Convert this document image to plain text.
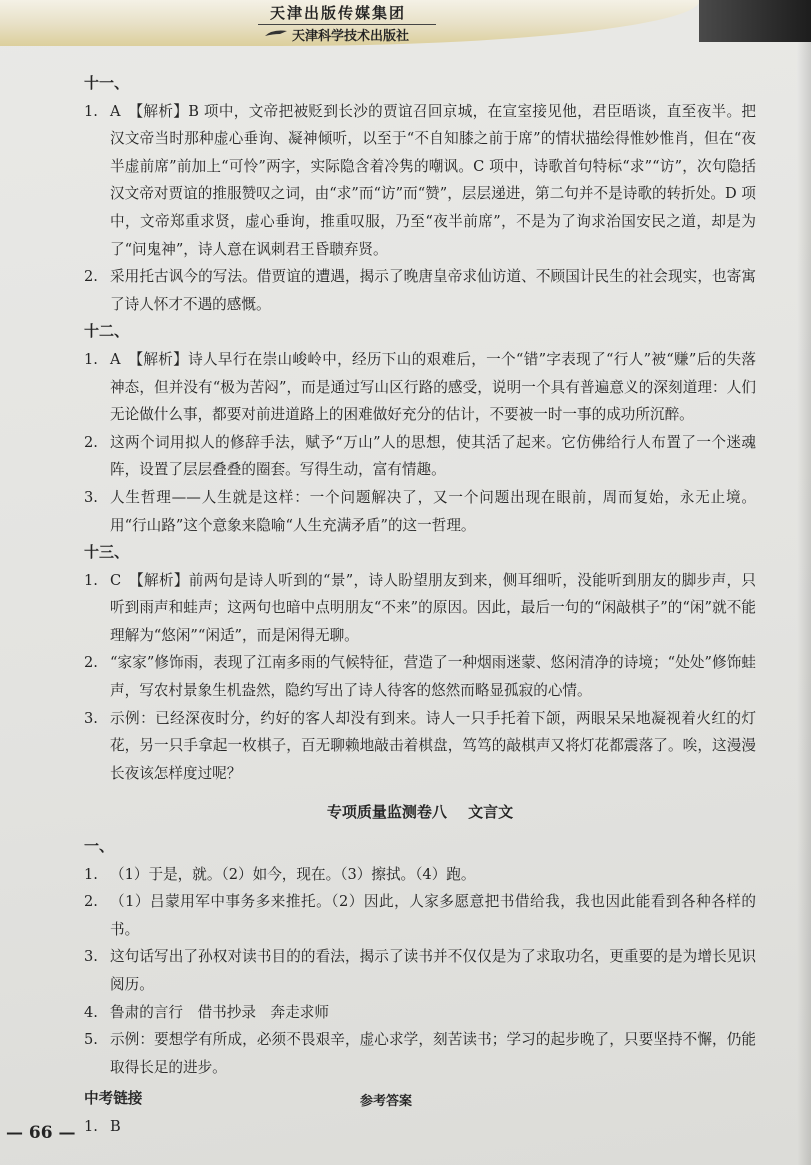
天津出版传媒集团
天津科学技术出版社
十一、
1. A　【解析】B 项中，文帝把被贬到长沙的贾谊召回京城，在宣室接见他，君臣晤谈，直至夜半。把汉文帝当时那种虚心垂询、凝神倾听，以至于“不自知膝之前于席”的情状描绘得惟妙惟肖，但在“夜半虚前席”前加上“可怜”两字，实际隐含着冷隽的嘲讽。C 项中，诗歌首句特标“求”“访”，次句隐括汉文帝对贾谊的推服赞叹之词，由“求”而“访”而“赞”，层层递进，第二句并不是诗歌的转折处。D 项中，文帝郑重求贤，虚心垂询，推重叹服，乃至“夜半前席”，不是为了询求治国安民之道，却是为了“问鬼神”，诗人意在讽刺君王昏聩弃贤。
2. 采用托古讽今的写法。借贾谊的遭遇，揭示了晚唐皇帝求仙访道、不顾国计民生的社会现实，也寄寓了诗人怀才不遇的感慨。
十二、
1. A　【解析】诗人早行在崇山峻岭中，经历下山的艰难后，一个“错”字表现了“行人”被“赚”后的失落神态，但并没有“极为苦闷”，而是通过写山区行路的感受，说明一个具有普遍意义的深刻道理：人们无论做什么事，都要对前进道路上的困难做好充分的估计，不要被一时一事的成功所沉醉。
2. 这两个词用拟人的修辞手法，赋予“万山”人的思想，使其活了起来。它仿佛给行人布置了一个迷魂阵，设置了层层叠叠的圈套。写得生动，富有情趣。
3. 人生哲理——人生就是这样：一个问题解决了，又一个问题出现在眼前，周而复始，永无止境。用“行山路”这个意象来隐喻“人生充满矛盾”的这一哲理。
十三、
1. C　【解析】前两句是诗人听到的“景”，诗人盼望朋友到来，侧耳细听，没能听到朋友的脚步声，只听到雨声和蛙声；这两句也暗中点明朋友“不来”的原因。因此，最后一句的“闲敲棋子”的“闲”就不能理解为“悠闲”“闲适”，而是闲得无聊。
2. “家家”修饰雨，表现了江南多雨的气候特征，营造了一种烟雨迷蒙、悠闲清净的诗境；“处处”修饰蛙声，写农村景象生机盎然，隐约写出了诗人待客的悠然而略显孤寂的心情。
3. 示例：已经深夜时分，约好的客人却没有到来。诗人一只手托着下颌，两眼呆呆地凝视着火红的灯花，另一只手拿起一枚棋子，百无聊赖地敲击着棋盘，笃笃的敲棋声又将灯花都震落了。唉，这漫漫长夜该怎样度过呢？
专项质量监测卷八 文言文
一、
1. （1）于是，就。（2）如今，现在。（3）擦拭。（4）跑。
2. （1）吕蒙用军中事务多来推托。（2）因此，人家多愿意把书借给我，我也因此能看到各种各样的书。
3. 这句话写出了孙权对读书目的的看法，揭示了读书并不仅仅是为了求取功名，更重要的是为增长见识阅历。
4. 鲁肃的言行　借书抄录　奔走求师
5. 示例：要想学有所成，必须不畏艰辛，虚心求学，刻苦读书；学习的起步晚了，只要坚持不懈，仍能取得长足的进步。
中考链接
1. B
参考答案
— 66 —
